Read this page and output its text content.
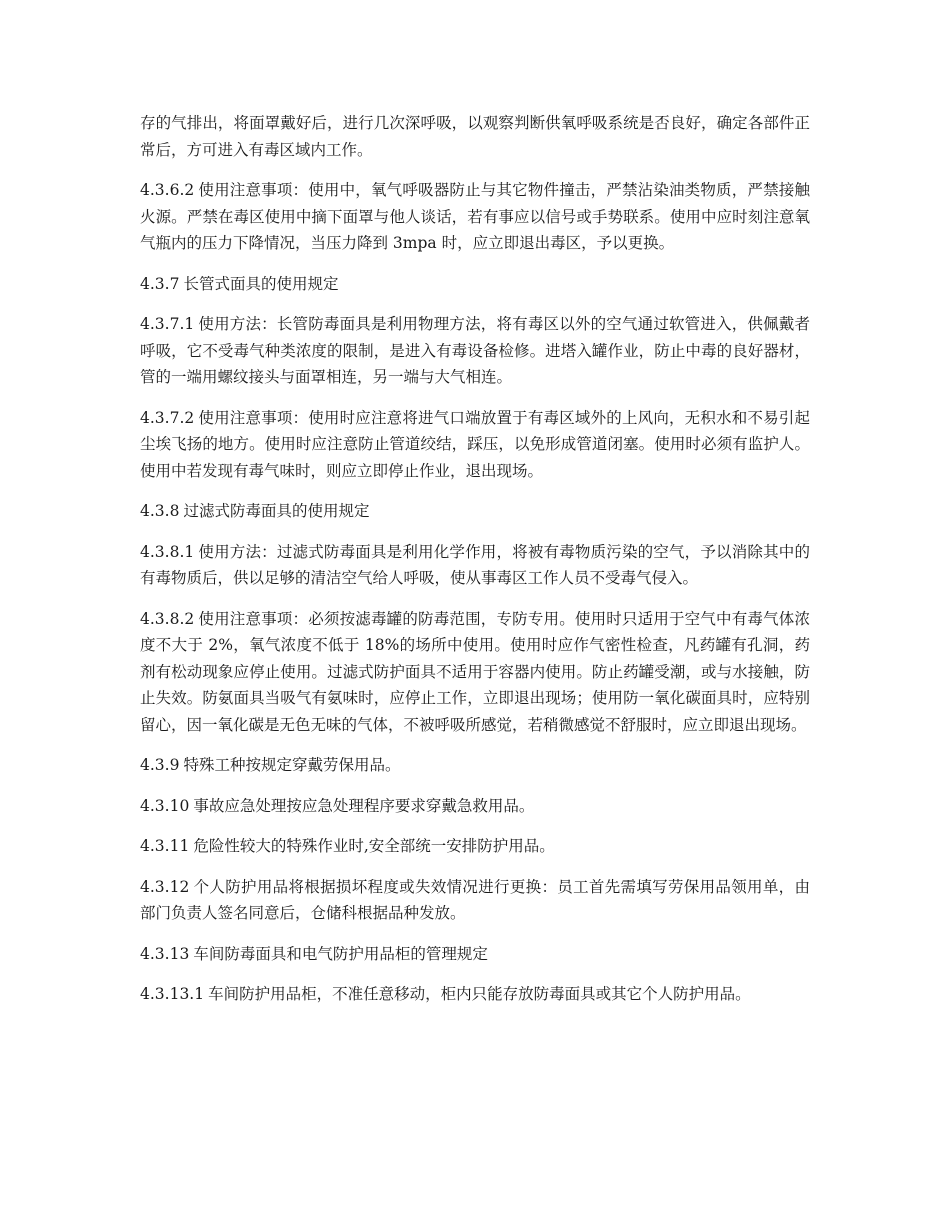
存的气排出，将面罩戴好后，进行几次深呼吸，以观察判断供氧呼吸系统是否良好，确定各部件正常后，方可进入有毒区域内工作。

4.3.6.2 使用注意事项：使用中，氧气呼吸器防止与其它物件撞击，严禁沾染油类物质，严禁接触火源。严禁在毒区使用中摘下面罩与他人谈话，若有事应以信号或手势联系。使用中应时刻注意氧气瓶内的压力下降情况，当压力降到 3mpa 时，应立即退出毒区，予以更换。

4.3.7 长管式面具的使用规定

4.3.7.1 使用方法：长管防毒面具是利用物理方法，将有毒区以外的空气通过软管进入，供佩戴者呼吸，它不受毒气种类浓度的限制，是进入有毒设备检修。进塔入罐作业，防止中毒的良好器材，管的一端用螺纹接头与面罩相连，另一端与大气相连。

4.3.7.2 使用注意事项：使用时应注意将进气口端放置于有毒区域外的上风向，无积水和不易引起尘埃飞扬的地方。使用时应注意防止管道绞结，踩压，以免形成管道闭塞。使用时必须有监护人。使用中若发现有毒气味时，则应立即停止作业，退出现场。

4.3.8 过滤式防毒面具的使用规定

4.3.8.1 使用方法：过滤式防毒面具是利用化学作用，将被有毒物质污染的空气，予以消除其中的有毒物质后，供以足够的清洁空气给人呼吸，使从事毒区工作人员不受毒气侵入。

4.3.8.2 使用注意事项：必须按滤毒罐的防毒范围，专防专用。使用时只适用于空气中有毒气体浓度不大于 2%，氧气浓度不低于 18%的场所中使用。使用时应作气密性检查，凡药罐有孔洞，药剂有松动现象应停止使用。过滤式防护面具不适用于容器内使用。防止药罐受潮，或与水接触，防止失效。防氨面具当吸气有氨味时，应停止工作，立即退出现场；使用防一氧化碳面具时，应特别留心，因一氧化碳是无色无味的气体，不被呼吸所感觉，若稍微感觉不舒服时，应立即退出现场。

4.3.9 特殊工种按规定穿戴劳保用品。

4.3.10 事故应急处理按应急处理程序要求穿戴急救用品。

4.3.11 危险性较大的特殊作业时,安全部统一安排防护用品。

4.3.12 个人防护用品将根据损坏程度或失效情况进行更换：员工首先需填写劳保用品领用单，由部门负责人签名同意后，仓储科根据品种发放。

4.3.13 车间防毒面具和电气防护用品柜的管理规定

4.3.13.1 车间防护用品柜，不准任意移动，柜内只能存放防毒面具或其它个人防护用品。
